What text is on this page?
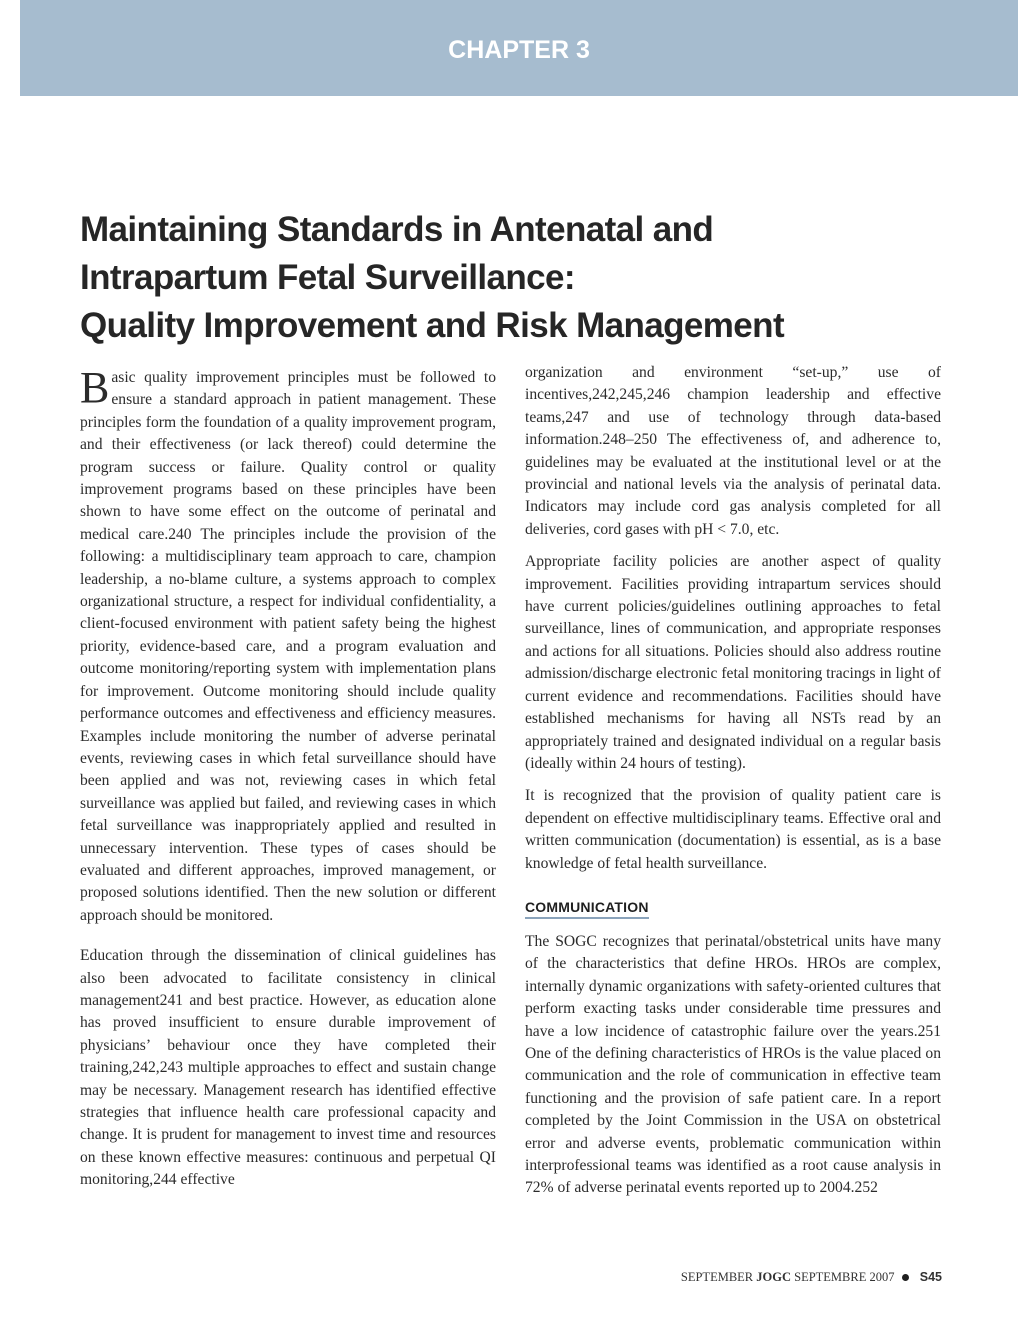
CHAPTER 3
Maintaining Standards in Antenatal and
Intrapartum Fetal Surveillance:
Quality Improvement and Risk Management

Basic quality improvement principles must be followed to ensure a standard approach in patient management. These principles form the foundation of a quality improvement program, and their effectiveness (or lack thereof) could determine the program success or failure. Quality control or quality improvement programs based on these principles have been shown to have some effect on the outcome of perinatal and medical care.240 The principles include the provision of the following: a multidisciplinary team approach to care, champion leadership, a no-blame culture, a systems approach to complex organizational structure, a respect for individual confidentiality, a client-focused environment with patient safety being the highest priority, evidence-based care, and a program evaluation and outcome monitoring/reporting system with implementation plans for improvement. Outcome monitoring should include quality performance outcomes and effectiveness and efficiency measures. Examples include monitoring the number of adverse perinatal events, reviewing cases in which fetal surveillance should have been applied and was not, reviewing cases in which fetal surveillance was applied but failed, and reviewing cases in which fetal surveillance was inappropriately applied and resulted in unnecessary intervention. These types of cases should be evaluated and different approaches, improved management, or proposed solutions identified. Then the new solution or different approach should be monitored.

Education through the dissemination of clinical guidelines has also been advocated to facilitate consistency in clinical management241 and best practice. However, as education alone has proved insufficient to ensure durable improvement of physicians’ behaviour once they have completed their training,242,243 multiple approaches to effect and sustain change may be necessary. Management research has identified effective strategies that influence health care professional capacity and change. It is prudent for management to invest time and resources on these known effective measures: continuous and perpetual QI monitoring,244 effective

organization and environment “set-up,” use of incentives,242,245,246 champion leadership and effective teams,247 and use of technology through data-based information.248–250 The effectiveness of, and adherence to, guidelines may be evaluated at the institutional level or at the provincial and national levels via the analysis of perinatal data. Indicators may include cord gas analysis completed for all deliveries, cord gases with pH < 7.0, etc.

Appropriate facility policies are another aspect of quality improvement. Facilities providing intrapartum services should have current policies/guidelines outlining approaches to fetal surveillance, lines of communication, and appropriate responses and actions for all situations. Policies should also address routine admission/discharge electronic fetal monitoring tracings in light of current evidence and recommendations. Facilities should have established mechanisms for having all NSTs read by an appropriately trained and designated individual on a regular basis (ideally within 24 hours of testing).

It is recognized that the provision of quality patient care is dependent on effective multidisciplinary teams. Effective oral and written communication (documentation) is essential, as is a base knowledge of fetal health surveillance.

COMMUNICATION

The SOGC recognizes that perinatal/obstetrical units have many of the characteristics that define HROs. HROs are complex, internally dynamic organizations with safety-oriented cultures that perform exacting tasks under considerable time pressures and have a low incidence of catastrophic failure over the years.251 One of the defining characteristics of HROs is the value placed on communication and the role of communication in effective team functioning and the provision of safe patient care. In a report completed by the Joint Commission in the USA on obstetrical error and adverse events, problematic communication within interprofessional teams was identified as a root cause analysis in 72% of adverse perinatal events reported up to 2004.252

SEPTEMBER JOGC SEPTEMBRE 2007 S45
